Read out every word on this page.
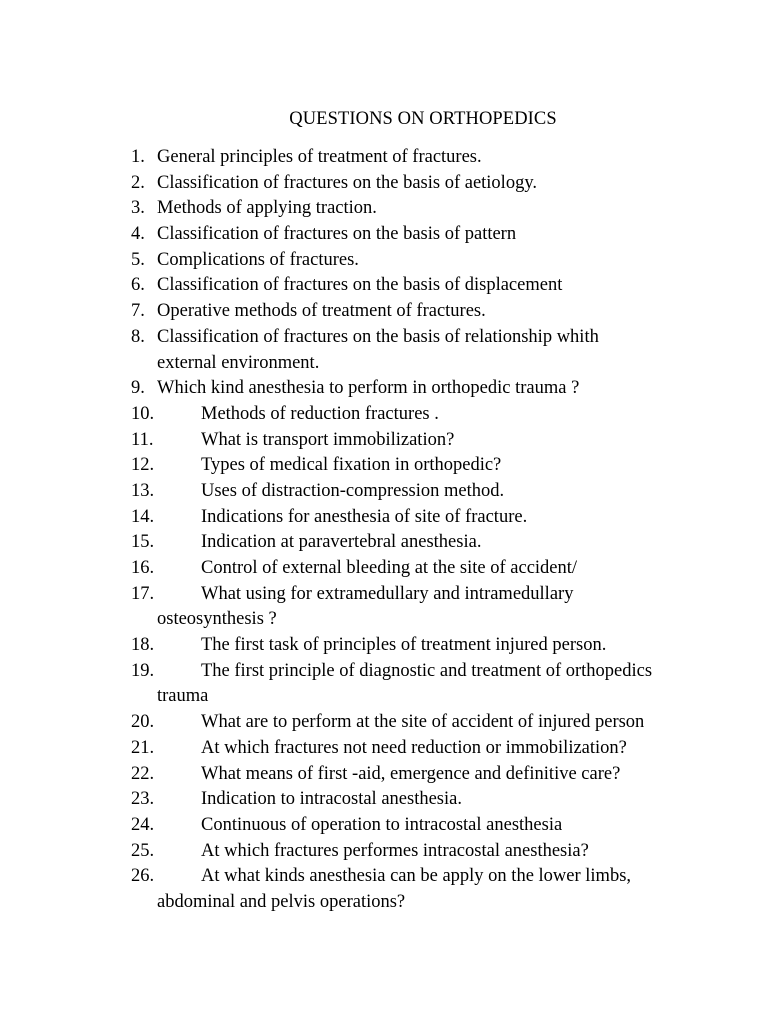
QUESTIONS ON ORTHOPEDICS
1. General principles of treatment of fractures.
2. Classification of fractures on the basis of aetiology.
3. Methods of applying traction.
4. Classification of fractures on the basis of pattern
5. Complications of fractures.
6. Classification of fractures on the basis of displacement
7. Operative methods of treatment of fractures.
8. Classification of fractures on the basis of relationship whith
external environment.
9. Which kind anesthesia to perform in orthopedic trauma ?
10.	Methods of reduction fractures .
11.	What is transport immobilization?
12.	Types of medical fixation in orthopedic?
13.	Uses of distraction-compression method.
14.	Indications for anesthesia of site of fracture.
15.	Indication at paravertebral anesthesia.
16.	Control of external bleeding at the site of accident/
17.	What using for extramedullary and intramedullary
osteosynthesis ?
18.	The first task of principles of treatment injured person.
19.	The first principle of diagnostic and treatment of orthopedics
trauma
20.	What are to perform at the site of accident of injured person
21.	At which fractures not need reduction or immobilization?
22.	What means of first -aid, emergence and definitive care?
23.	Indication to intracostal anesthesia.
24.	Continuous of operation to intracostal anesthesia
25.	At which fractures performes intracostal anesthesia?
26.	At what kinds anesthesia can be apply on the lower limbs,
abdominal and pelvis operations?
